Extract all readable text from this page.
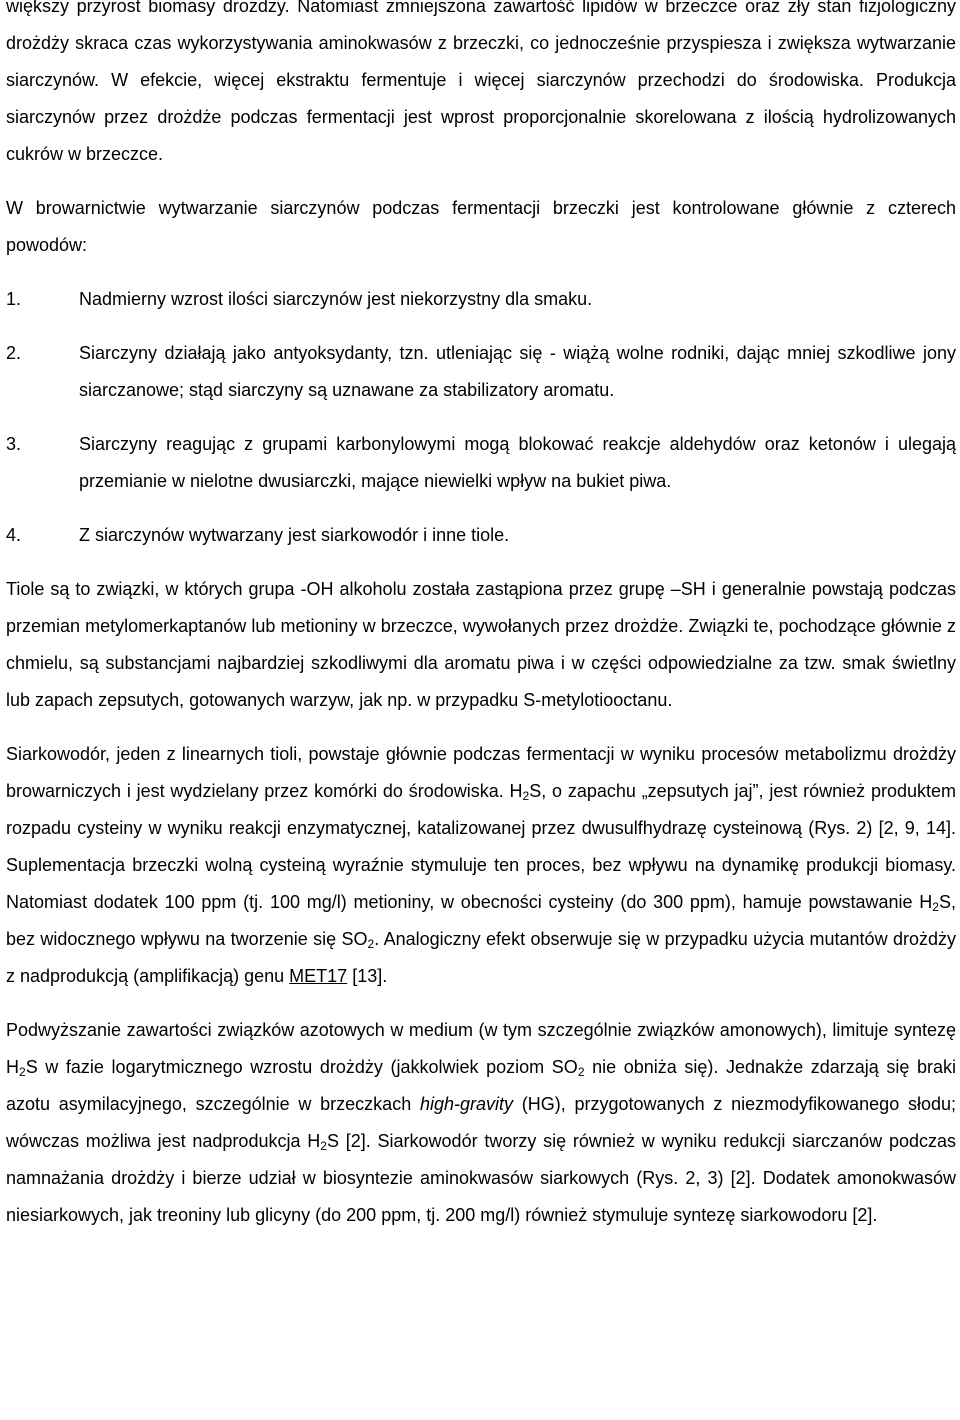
większy przyrost biomasy drożdży. Natomiast zmniejszona zawartość lipidów w brzeczce oraz zły stan fizjologiczny drożdży skraca czas wykorzystywania aminokwasów z brzeczki, co jednocześnie przyspiesza i zwiększa wytwarzanie siarczynów. W efekcie, więcej ekstraktu fermentuje i więcej siarczynów przechodzi do środowiska. Produkcja siarczynów przez drożdże podczas fermentacji jest wprost proporcjonalnie skorelowana z ilością hydrolizowanych cukrów w brzeczce.

W browarnictwie wytwarzanie siarczynów podczas fermentacji brzeczki jest kontrolowane głównie z czterech powodów:

1.	Nadmierny wzrost ilości siarczynów jest niekorzystny dla smaku.
2.	Siarczyny działają jako antyoksydanty, tzn. utleniając się - wiążą wolne rodniki, dając mniej szkodliwe jony siarczanowe; stąd siarczyny są uznawane za stabilizatory aromatu.
3.	Siarczyny reagując z grupami karbonylowymi mogą blokować reakcje aldehydów oraz ketonów i ulegają przemianie w nielotne dwusiarczki, mające niewielki wpływ na bukiet piwa.
4.	Z siarczynów wytwarzany jest siarkowodór i inne tiole.

Tiole są to związki, w których grupa -OH alkoholu została zastąpiona przez grupę –SH i generalnie powstają podczas przemian metylomerkaptanów lub metioniny w brzeczce, wywołanych przez drożdże. Związki te, pochodzące głównie z chmielu, są substancjami najbardziej szkodliwymi dla aromatu piwa i w części odpowiedzialne za tzw. smak świetlny lub zapach zepsutych, gotowanych warzyw, jak np. w przypadku S-metylotiooctanu.

Siarkowodór, jeden z linearnych tioli, powstaje głównie podczas fermentacji w wyniku procesów metabolizmu drożdży browarniczych i jest wydzielany przez komórki do środowiska. $H_2S$, o zapachu „zepsutych jaj”, jest również produktem rozpadu cysteiny w wyniku reakcji enzymatycznej, katalizowanej przez dwusulfhydrazę cysteinową (Rys. 2) [2, 9, 14]. Suplementacja brzeczki wolną cysteiną wyraźnie stymuluje ten proces, bez wpływu na dynamikę produkcji biomasy. Natomiast dodatek 100 ppm (tj. 100 mg/l) metioniny, w obecności cysteiny (do 300 ppm), hamuje powstawanie $H_2S$, bez widocznego wpływu na tworzenie się $SO_2$. Analogiczny efekt obserwuje się w przypadku użycia mutantów drożdży z nadprodukcją (amplifikacją) genu MET17 [13].

Podwyższanie zawartości związków azotowych w medium (w tym szczególnie związków amonowych), limituje syntezę $H_2S$ w fazie logarytmicznego wzrostu drożdży (jakkolwiek poziom $SO_2$ nie obniża się). Jednakże zdarzają się braki azotu asymilacyjnego, szczególnie w brzeczkach high-gravity (HG), przygotowanych z niezmodyfikowanego słodu; wówczas możliwa jest nadprodukcja $H_2S$ [2]. Siarkowodór tworzy się również w wyniku redukcji siarczanów podczas namnażania drożdży i bierze udział w biosyntezie aminokwasów siarkowych (Rys. 2, 3) [2]. Dodatek amonokwasów niesiarkowych, jak treoniny lub glicyny (do 200 ppm, tj. 200 mg/l) również stymuluje syntezę siarkowodoru [2].
